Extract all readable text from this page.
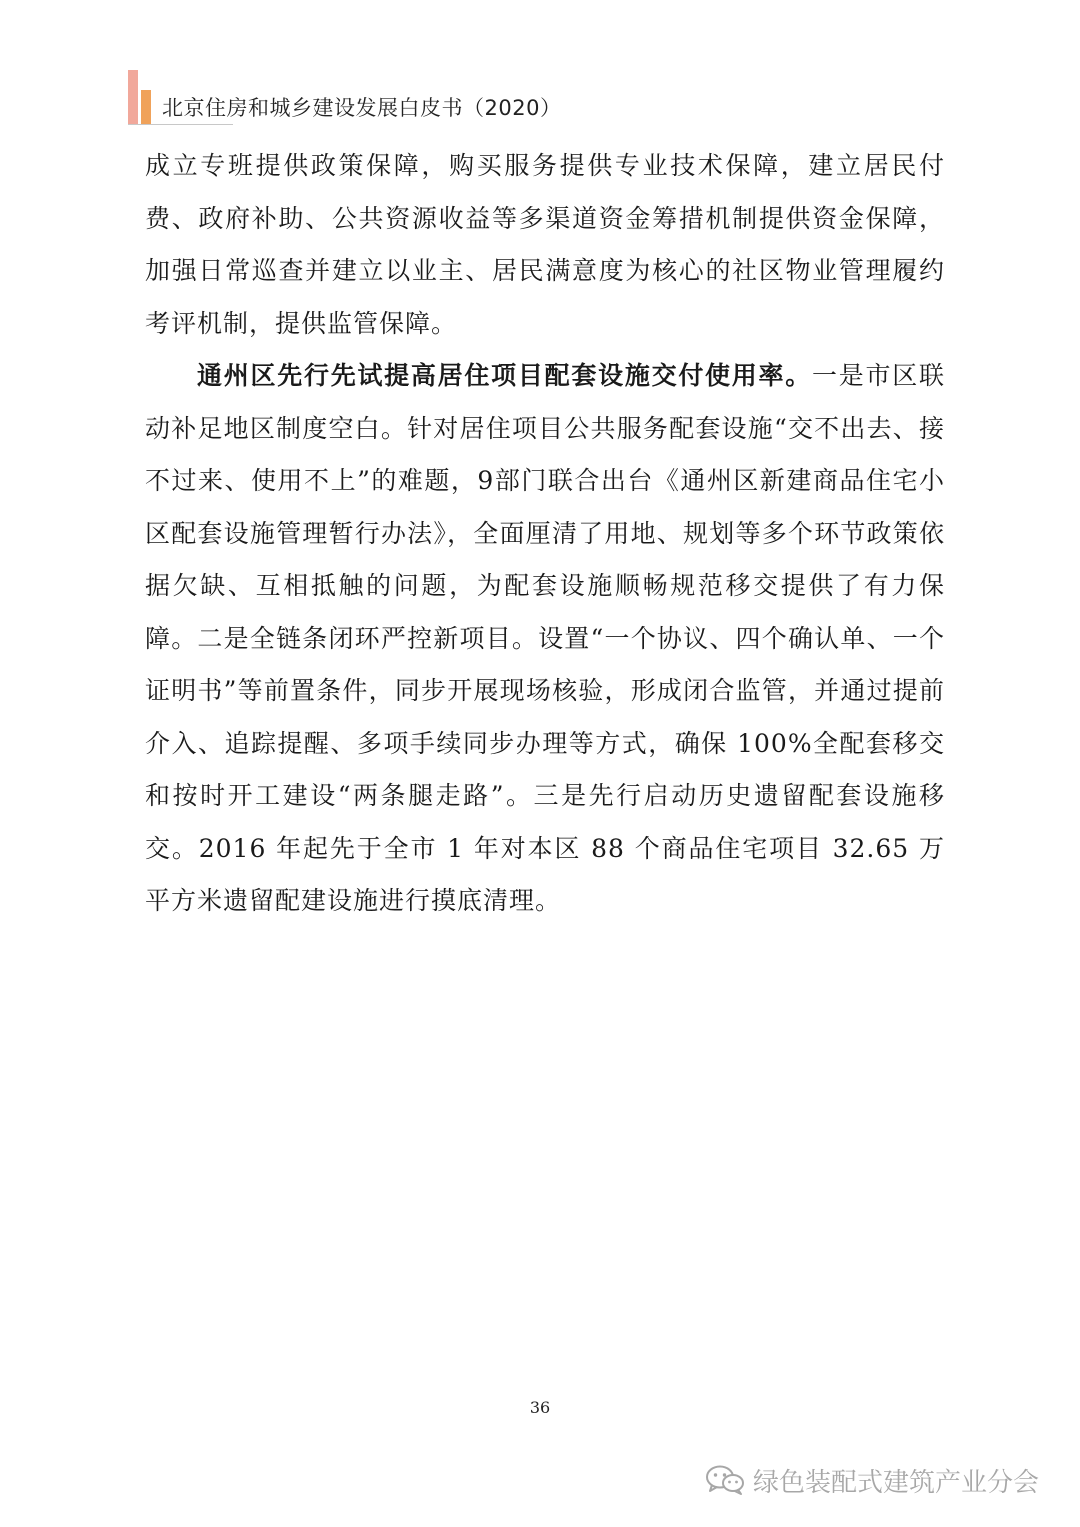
北京住房和城乡建设发展白皮书（2020）

成立专班提供政策保障，购买服务提供专业技术保障，建立居民付费、政府补助、公共资源收益等多渠道资金筹措机制提供资金保障，加强日常巡查并建立以业主、居民满意度为核心的社区物业管理履约考评机制，提供监管保障。

通州区先行先试提高居住项目配套设施交付使用率。一是市区联动补足地区制度空白。针对居住项目公共服务配套设施“交不出去、接不过来、使用不上”的难题，9部门联合出台《通州区新建商品住宅小区配套设施管理暂行办法》，全面厘清了用地、规划等多个环节政策依据欠缺、互相抵触的问题，为配套设施顺畅规范移交提供了有力保障。二是全链条闭环严控新项目。设置“一个协议、四个确认单、一个证明书”等前置条件，同步开展现场核验，形成闭合监管，并通过提前介入、追踪提醒、多项手续同步办理等方式，确保 100%全配套移交和按时开工建设“两条腿走路”。三是先行启动历史遗留配套设施移交。2016 年起先于全市 1 年对本区 88 个商品住宅项目 32.65 万平方米遗留配建设施进行摸底清理。

36
绿色装配式建筑产业分会
